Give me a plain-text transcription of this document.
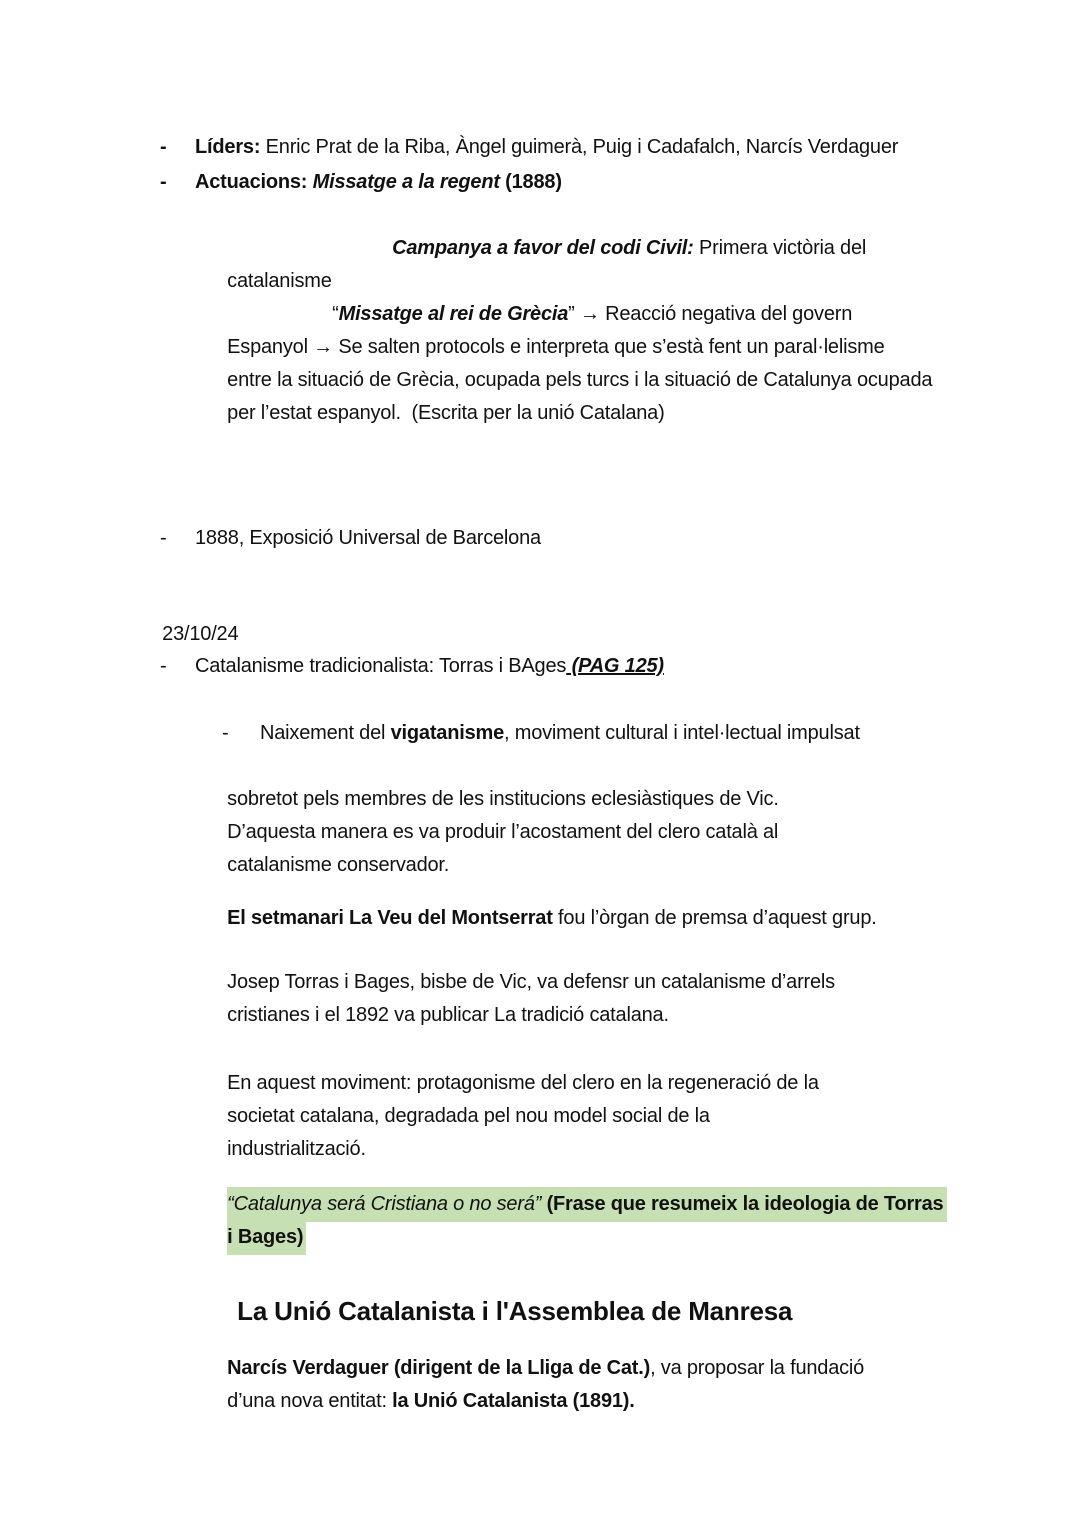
-	Líders: Enric Prat de la Riba, Àngel guimerà, Puig i Cadafalch, Narcís Verdaguer
-	Actuacions: Missatge a la regent (1888)

Campanya a favor del codi Civil: Primera victòria del

catalanisme

“Missatge al rei de Grècia” → Reacció negativa del govern

Espanyol → Se salten protocols e interpreta que s’està fent un paral·lelisme

entre la situació de Grècia, ocupada pels turcs i la situació de Catalunya ocupada

per l’estat espanyol.  (Escrita per la unió Catalana)

-	1888, Exposició Universal de Barcelona

23/10/24

-	Catalanisme tradicionalista: Torras i BAges (PAG 125)
-	Naixement del vigatanisme, moviment cultural i intel·lectual impulsat

sobretot pels membres de les institucions eclesiàstiques de Vic.

D’aquesta manera es va produir l’acostament del clero català al

catalanisme conservador.

El setmanari La Veu del Montserrat fou l’òrgan de premsa d’aquest grup.

Josep Torras i Bages, bisbe de Vic, va defensr un catalanisme d’arrels

cristianes i el 1892 va publicar La tradició catalana.

En aquest moviment: protagonisme del clero en la regeneració de la

societat catalana, degradada pel nou model social de la

industrialització.

“Catalunya será Cristiana o no será” (Frase que resumeix la ideologia de Torras

i Bages)

La Unió Catalanista i l'Assemblea de Manresa

Narcís Verdaguer (dirigent de la Lliga de Cat.), va proposar la fundació

d’una nova entitat: la Unió Catalanista (1891).
